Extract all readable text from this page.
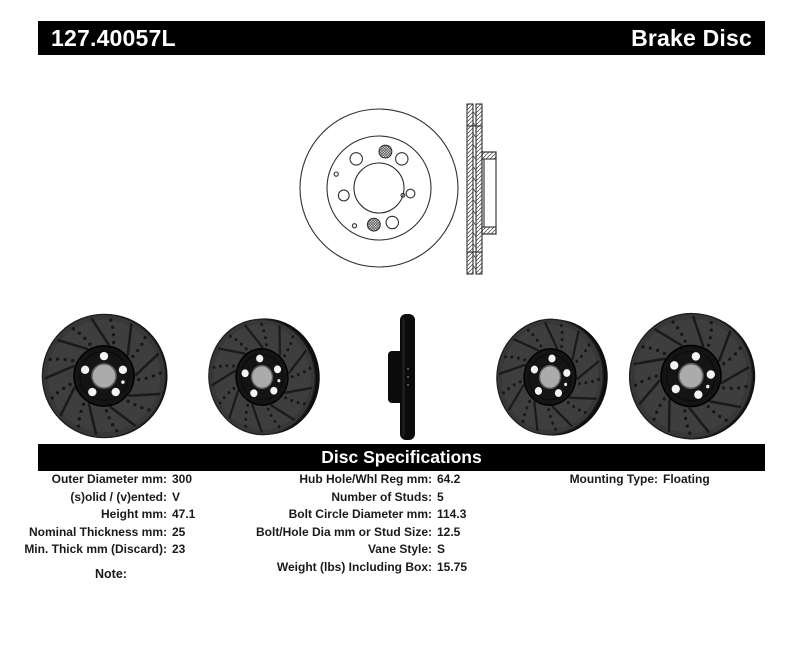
127.40057L	Brake Disc
Disc Specifications
Outer Diameter mm: 300
(s)olid / (v)ented: V
Height mm: 47.1
Nominal Thickness mm: 25
Min. Thick mm (Discard): 23
Hub Hole/Whl Reg mm: 64.2
Number of Studs: 5
Bolt Circle Diameter mm: 114.3
Bolt/Hole Dia mm or Stud Size: 12.5
Vane Style: S
Weight (lbs) Including Box: 15.75
Mounting Type: Floating
Note:
